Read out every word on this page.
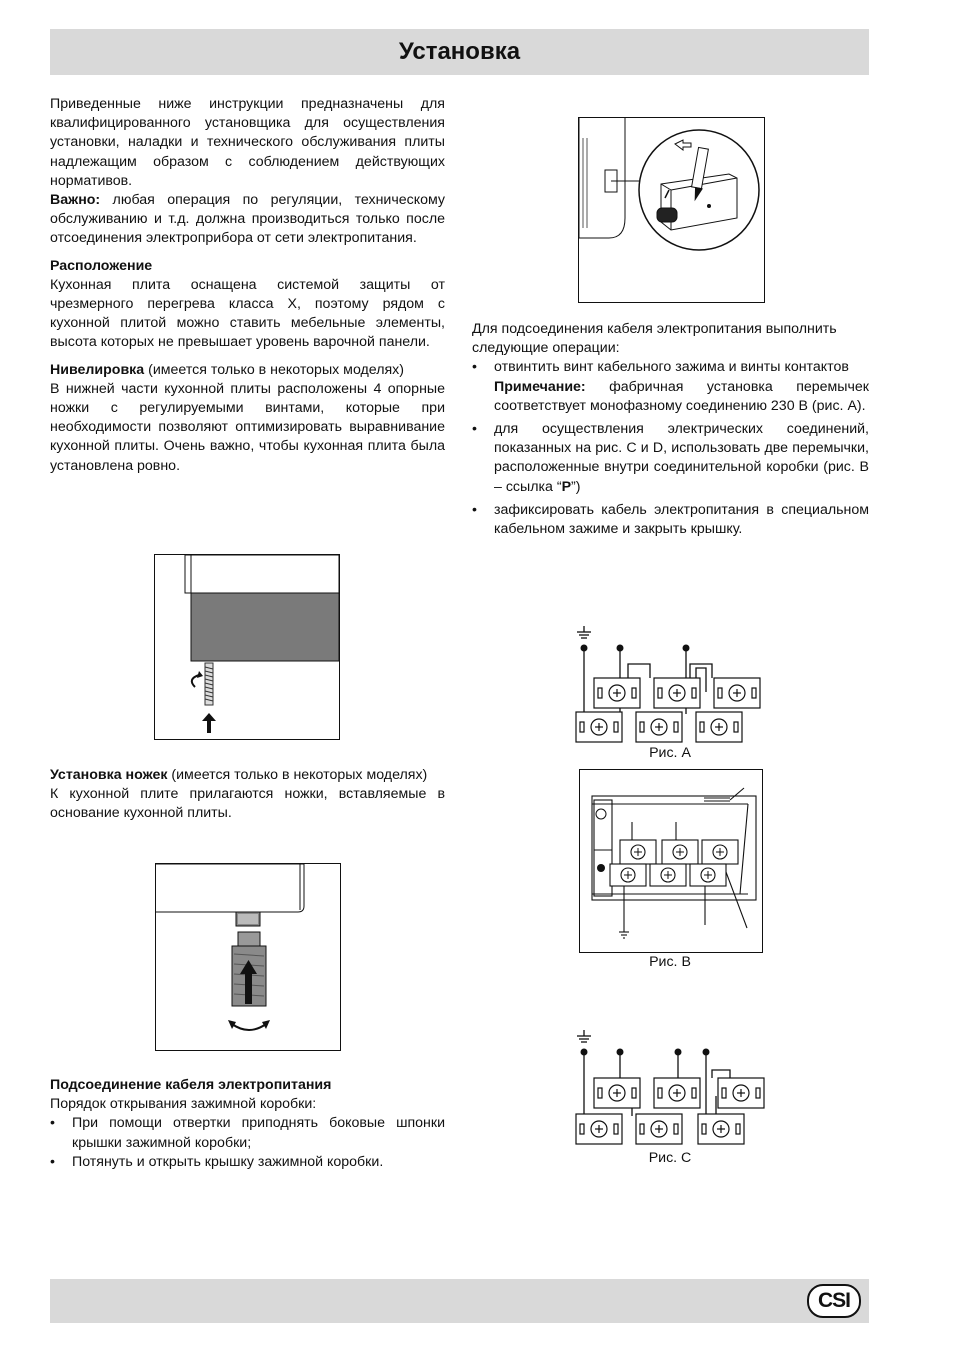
Установка

Приведенные ниже инструкции предназначены для квалифицированного установщика для осуществления установки, наладки и технического обслуживания плиты надлежащим образом с соблюдением действующих нормативов.
Важно: любая операция по регуляции, техническому обслуживанию и т.д. должна производиться только после отсоединения электроприбора от сети электропитания.

Расположение
Кухонная плита оснащена системой защиты от чрезмерного перегрева класса X, поэтому рядом с кухонной плитой можно ставить мебельные элементы, высота которых не превышает уровень варочной панели.

Нивелировка (имеется только в некоторых моделях)
В нижней части кухонной плиты расположены 4 опорные ножки с регулируемыми винтами, которые при необходимости позволяют оптимизировать выравнивание кухонной плиты. Очень важно, чтобы кухонная плита была установлена ровно.

Установка ножек (имеется только в некоторых моделях)
К кухонной плите прилагаются ножки, вставляемые в основание кухонной плиты.

Подсоединение кабеля электропитания
Порядок открывания зажимной коробки:

• При помощи отвертки приподнять боковые шпонки крышки зажимной коробки;
• Потянуть и открыть крышку зажимной коробки.

Для подсоединения кабеля электропитания выполнить следующие операции:

• отвинтить винт кабельного зажима и винты контактов
Примечание: фабричная установка перемычек соответствует монофазному соединению 230 В (рис. А).
• для осуществления электрических соединений, показанных на рис. C и D, использовать две перемычки, расположенные внутри соединительной коробки (рис. B – ссылка “P”)
• зафиксировать кабель электропитания в специальном кабельном зажиме и закрыть крышку.
Рис. А
Рис. В
Рис. С
CSI
